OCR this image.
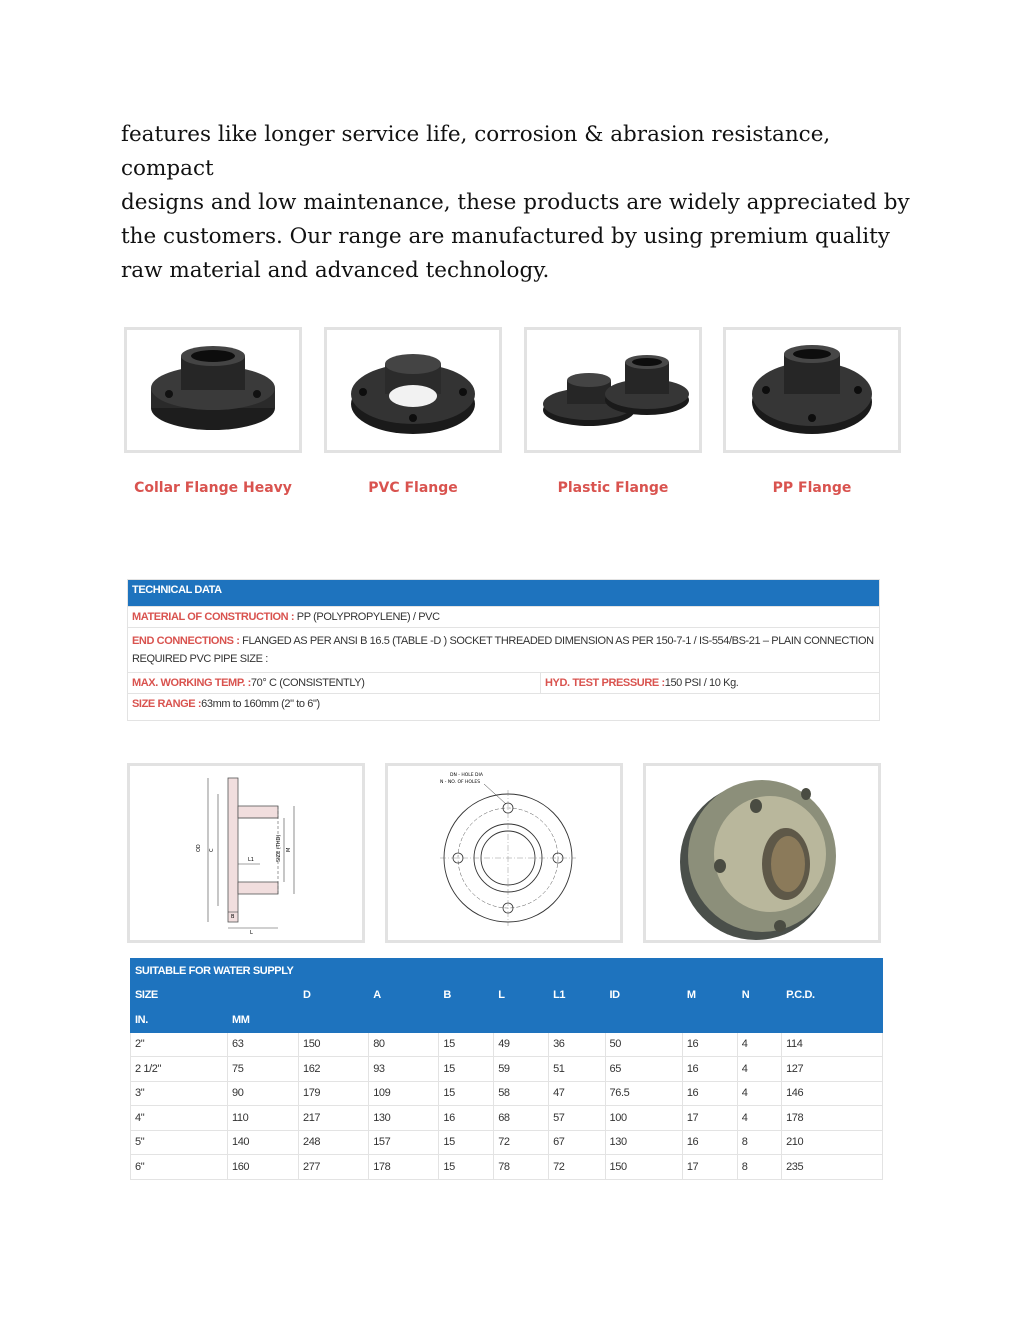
features like longer service life, corrosion & abrasion resistance, compact

designs and low maintenance, these products are widely appreciated by

the customers. Our range are manufactured by using premium quality

raw material and advanced technology.

Collar Flange Heavy	PVC Flange	Plastic Flange	PP Flange
TECHNICAL DATA
MATERIAL OF CONSTRUCTION : PP (POLYPROPYLENE) / PVC
END CONNECTIONS : FLANGED AS PER ANSI B 16.5 (TABLE -D ) SOCKET THREADED DIMENSION AS PER 150-7-1 / IS-554/BS-21 – PLAIN CONNECTION REQUIRED PVC PIPE SIZE :
MAX. WORKING TEMP. :70° C (CONSISTENTLY)	HYD. TEST PRESSURE :150 PSI / 10 Kg.
SIZE RANGE :63mm to 160mm (2" to 6")
OD C	M
SIZE (THD)
L1
B
L
DN - HOLE DIA
N - NO. OF HOLES
SUITABLE FOR WATER SUPPLY		D	A	B	L	L1	ID	M	N	P.C.D.
SIZE										
IN.	MM									
2"	63	150	80	15	49	36	50	16	4	114
2 1/2"	75	162	93	15	59	51	65	16	4	127
3"	90	179	109	15	58	47	76.5	16	4	146
4"	110	217	130	16	68	57	100	17	4	178
5"	140	248	157	15	72	67	130	16	8	210
6"	160	277	178	15	78	72	150	17	8	235
